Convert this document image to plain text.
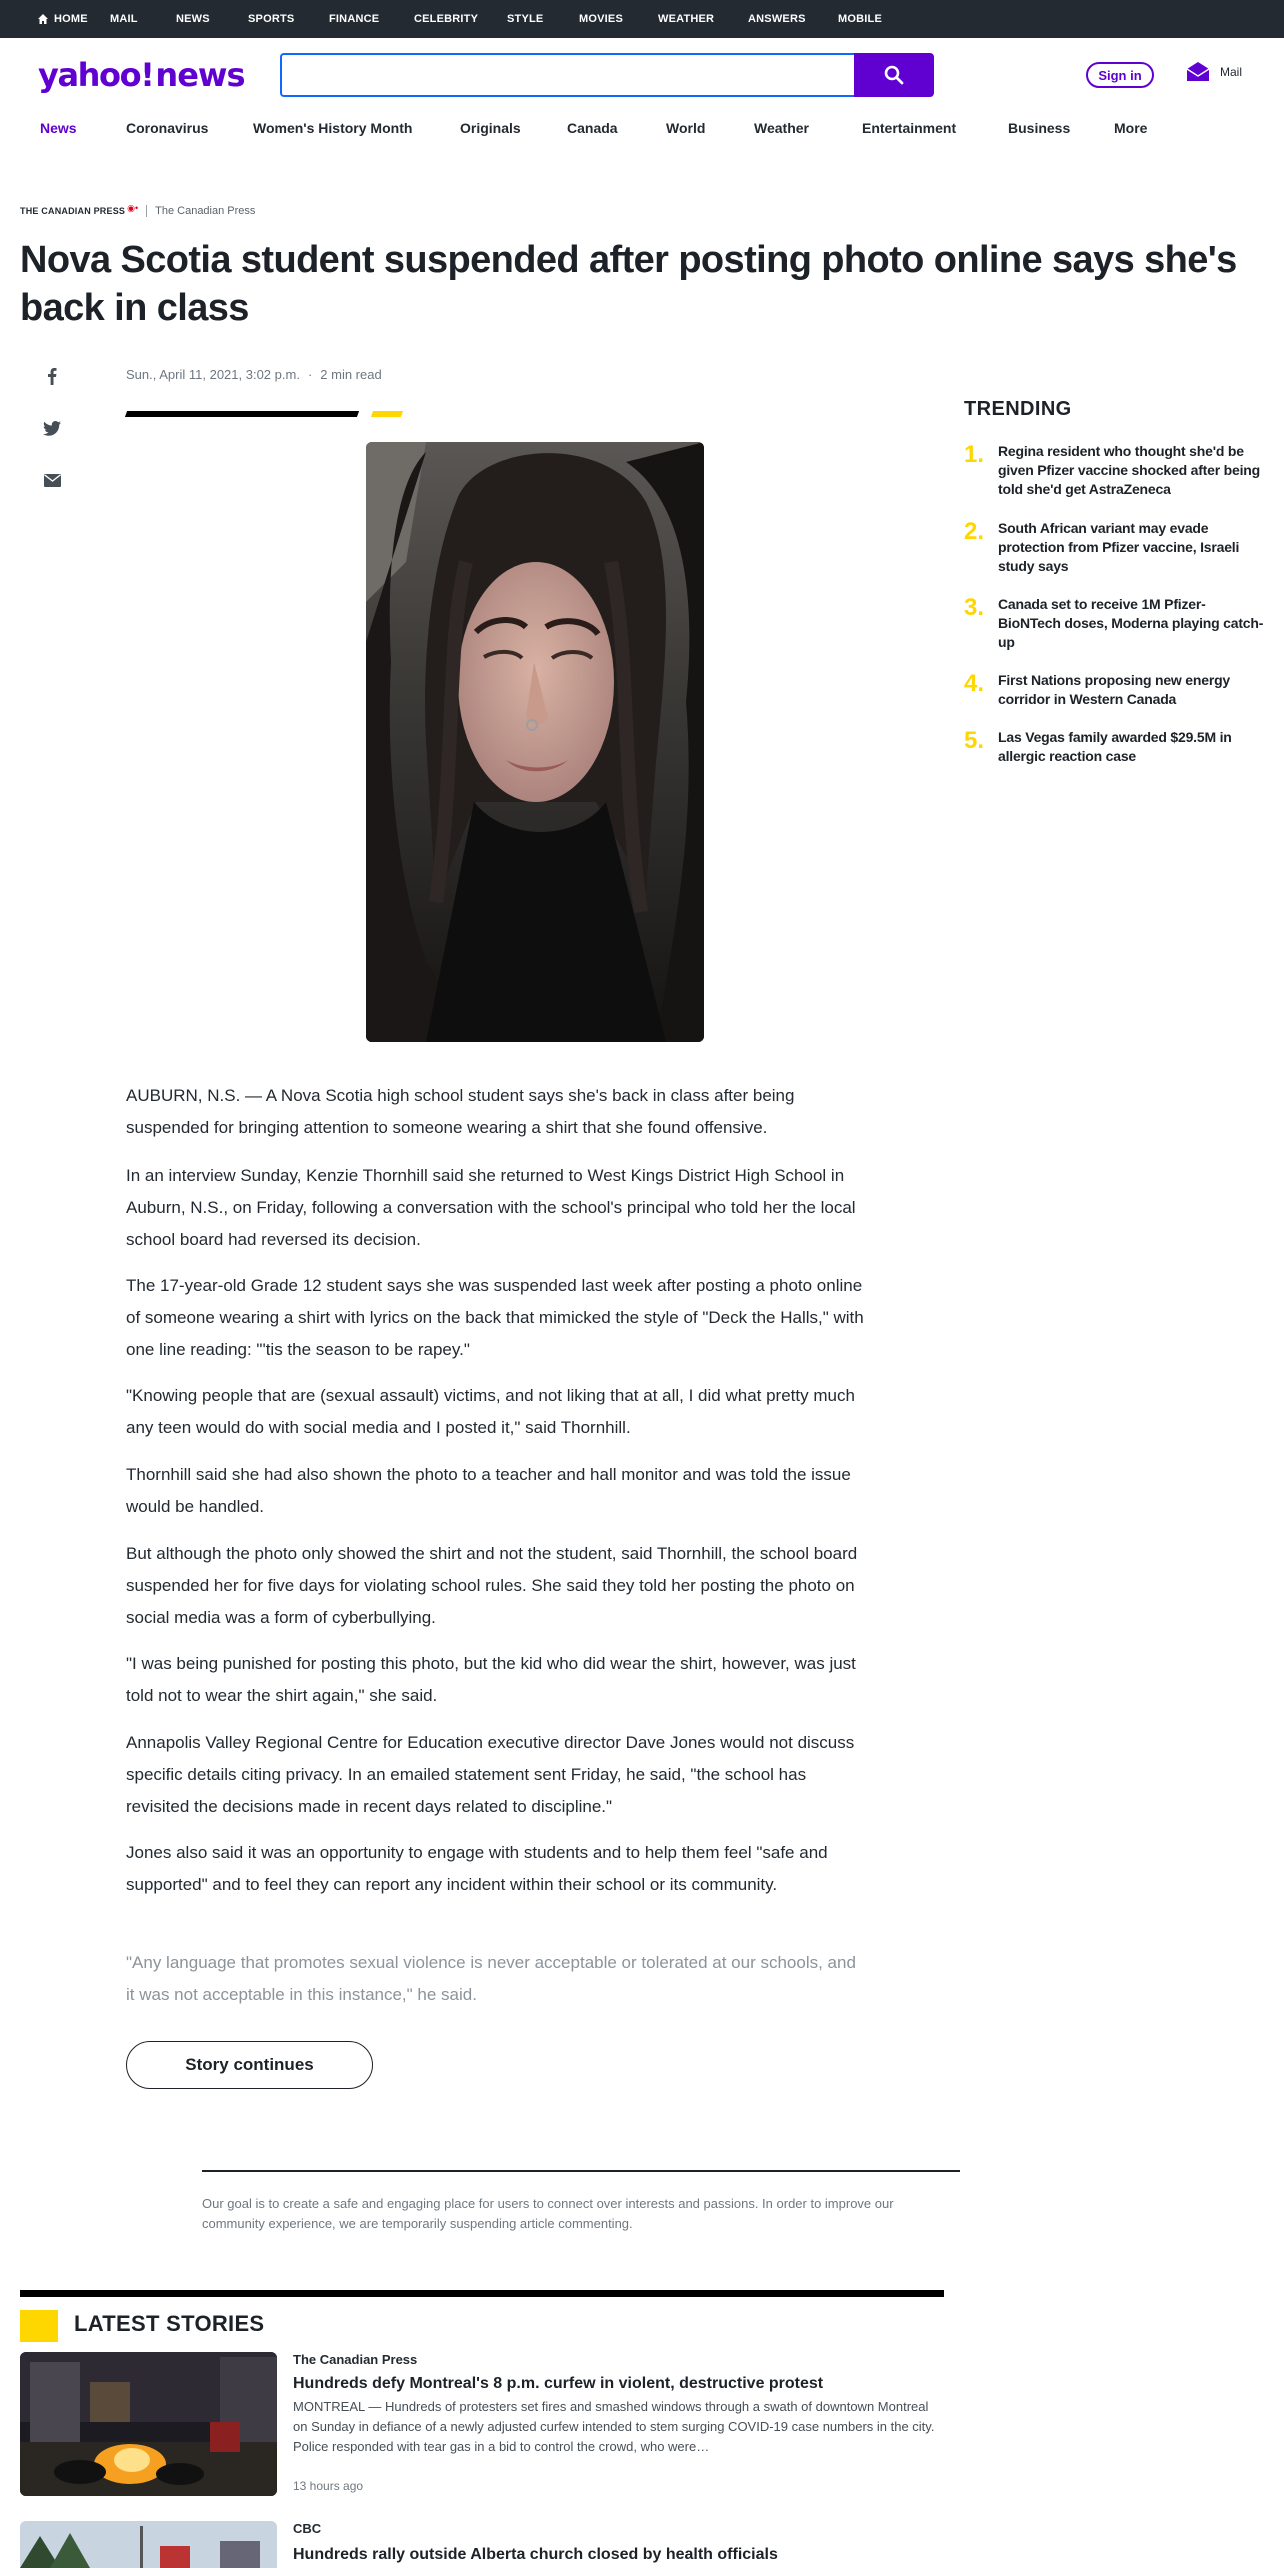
HOME MAIL	NEWS	SPORTS	FINANCE	CELEBRITY	STYLE	MOVIES	WEATHER	ANSWERS	MOBILE
yahoo!news	Sign in	Mail
News	Coronavirus	Women's History Month	Originals	Canada	World	Weather	Entertainment	Business	More
THE CANADIAN PRESS ◉• The Canadian Press
Nova Scotia student suspended after posting photo online says she's back in class
Sun., April 11, 2021, 3:02 p.m. · 2 min read

AUBURN, N.S. — A Nova Scotia high school student says she's back in class after being suspended for bringing attention to someone wearing a shirt that she found offensive.

In an interview Sunday, Kenzie Thornhill said she returned to West Kings District High School in Auburn, N.S., on Friday, following a conversation with the school's principal who told her the local school board had reversed its decision.

The 17-year-old Grade 12 student says she was suspended last week after posting a photo online of someone wearing a shirt with lyrics on the back that mimicked the style of "Deck the Halls," with one line reading: "'tis the season to be rapey."

"Knowing people that are (sexual assault) victims, and not liking that at all, I did what pretty much any teen would do with social media and I posted it," said Thornhill.

Thornhill said she had also shown the photo to a teacher and hall monitor and was told the issue would be handled.

But although the photo only showed the shirt and not the student, said Thornhill, the school board suspended her for five days for violating school rules. She said they told her posting the photo on social media was a form of cyberbullying.

"I was being punished for posting this photo, but the kid who did wear the shirt, however, was just told not to wear the shirt again," she said.

Annapolis Valley Regional Centre for Education executive director Dave Jones would not discuss specific details citing privacy. In an emailed statement sent Friday, he said, "the school has revisited the decisions made in recent days related to discipline."

Jones also said it was an opportunity to engage with students and to help them feel "safe and supported" and to feel they can report any incident within their school or its community.

"Any language that promotes sexual violence is never acceptable or tolerated at our schools, and it was not acceptable in this instance," he said.

Story continues

Our goal is to create a safe and engaging place for users to connect over interests and passions. In order to improve our community experience, we are temporarily suspending article commenting.

TRENDING
1. Regina resident who thought she'd be given Pfizer vaccine shocked after being told she'd get AstraZeneca
2. South African variant may evade protection from Pfizer vaccine, Israeli study says
3. Canada set to receive 1M Pfizer-BioNTech doses, Moderna playing catch-up
4. First Nations proposing new energy corridor in Western Canada
5. Las Vegas family awarded $29.5M in allergic reaction case
LATEST STORIES
The Canadian Press
Hundreds defy Montreal's 8 p.m. curfew in violent, destructive protest

MONTREAL — Hundreds of protesters set fires and smashed windows through a swath of downtown Montreal on Sunday in defiance of a newly adjusted curfew intended to stem surging COVID-19 case numbers in the city. Police responded with tear gas in a bid to control the crowd, who were…

13 hours ago
CBC
Hundreds rally outside Alberta church closed by health officials
